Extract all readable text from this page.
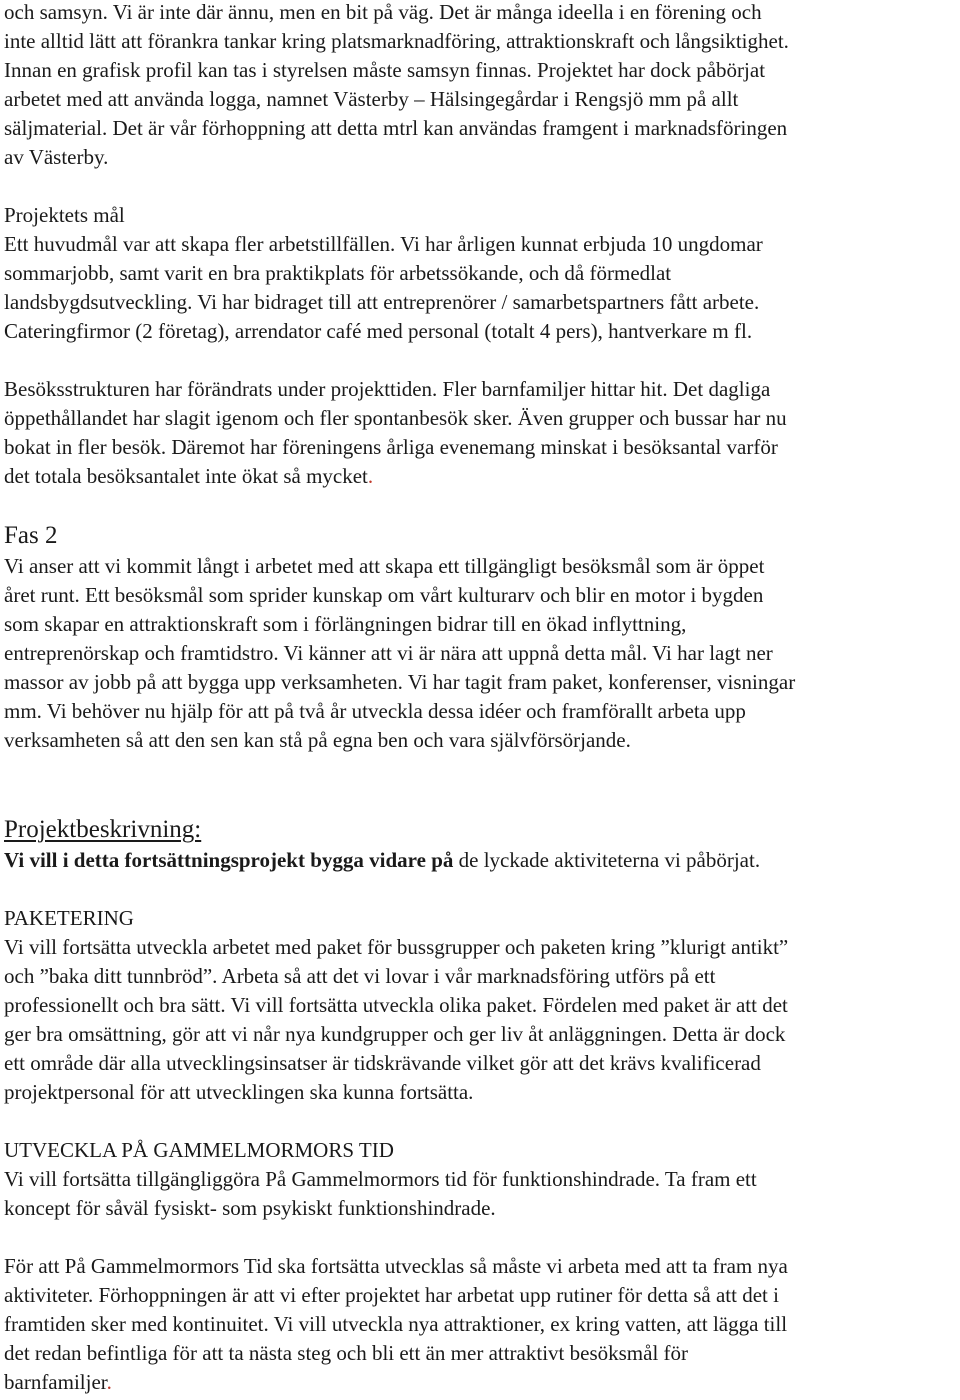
och samsyn. Vi är inte där ännu, men en bit på väg. Det är många ideella i en förening och

inte alltid lätt att förankra tankar kring platsmarknadföring, attraktionskraft och långsiktighet.

Innan en grafisk profil kan tas i styrelsen måste samsyn finnas. Projektet har dock påbörjat

arbetet med att använda logga, namnet Västerby – Hälsingegårdar i Rengsjö mm på allt

säljmaterial. Det är vår förhoppning att detta mtrl kan användas framgent i marknadsföringen

av Västerby.

Projektets mål

Ett huvudmål var att skapa fler arbetstillfällen. Vi har årligen kunnat erbjuda 10 ungdomar

sommarjobb, samt varit en bra praktikplats för arbetssökande, och då förmedlat

landsbygdsutveckling. Vi har bidraget till att entreprenörer / samarbetspartners fått arbete.

Cateringfirmor (2 företag), arrendator café med personal (totalt 4 pers), hantverkare m fl.

Besöksstrukturen har förändrats under projekttiden. Fler barnfamiljer hittar hit. Det dagliga

öppethållandet har slagit igenom och fler spontanbesök sker. Även grupper och bussar har nu

bokat in fler besök. Däremot har föreningens årliga evenemang minskat i besöksantal varför

det totala besöksantalet inte ökat så mycket.

Fas 2

Vi anser att vi kommit långt i arbetet med att skapa ett tillgängligt besöksmål som är öppet

året runt. Ett besöksmål som sprider kunskap om vårt kulturarv och blir en motor i bygden

som skapar en attraktionskraft som i förlängningen bidrar till en ökad inflyttning,

entreprenörskap och framtidstro. Vi känner att vi är nära att uppnå detta mål. Vi har lagt ner

massor av jobb på att bygga upp verksamheten. Vi har tagit fram paket, konferenser, visningar

mm. Vi behöver nu hjälp för att på två år utveckla dessa idéer och framförallt arbeta upp

verksamheten så att den sen kan stå på egna ben och vara självförsörjande.

Projektbeskrivning:

Vi vill i detta fortsättningsprojekt bygga vidare på de lyckade aktiviteterna vi påbörjat.

PAKETERING

Vi vill fortsätta utveckla arbetet med paket för bussgrupper och paketen kring ”klurigt antikt”

och ”baka ditt tunnbröd”. Arbeta så att det vi lovar i vår marknadsföring utförs på ett

professionellt och bra sätt. Vi vill fortsätta utveckla olika paket. Fördelen med paket är att det

ger bra omsättning, gör att vi når nya kundgrupper och ger liv åt anläggningen. Detta är dock

ett område där alla utvecklingsinsatser är tidskrävande vilket gör att det krävs kvalificerad

projektpersonal för att utvecklingen ska kunna fortsätta.

UTVECKLA PÅ GAMMELMORMORS TID

Vi vill fortsätta tillgängliggöra På Gammelmormors tid för funktionshindrade. Ta fram ett

koncept för såväl fysiskt- som psykiskt funktionshindrade.

För att På Gammelmormors Tid ska fortsätta utvecklas så måste vi arbeta med att ta fram nya

aktiviteter. Förhoppningen är att vi efter projektet har arbetat upp rutiner för detta så att det i

framtiden sker med kontinuitet. Vi vill utveckla nya attraktioner, ex kring vatten, att lägga till

det redan befintliga för att ta nästa steg och bli ett än mer attraktivt besöksmål för

barnfamiljer.
